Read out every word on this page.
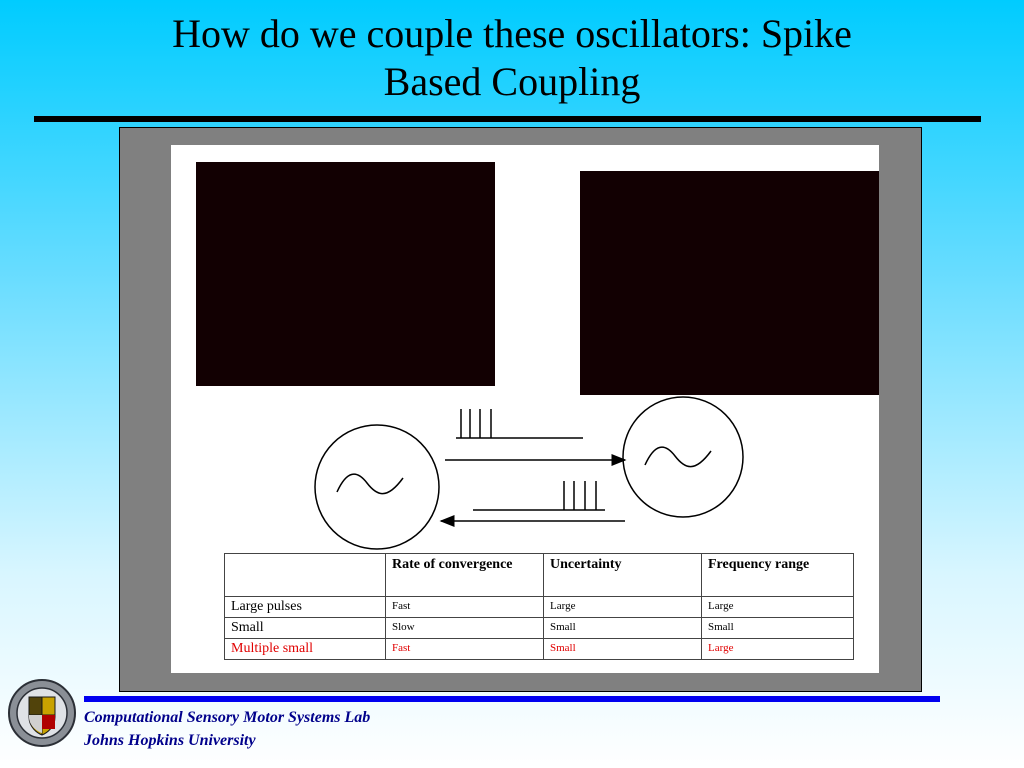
How do we couple these oscillators: Spike
Based Coupling
	Rate of convergence	Uncertainty	Frequency range
Large pulses	Fast	Large	Large
Small	Slow	Small	Small
Multiple small	Fast	Small	Large
Computational Sensory Motor Systems Lab
Johns Hopkins University
